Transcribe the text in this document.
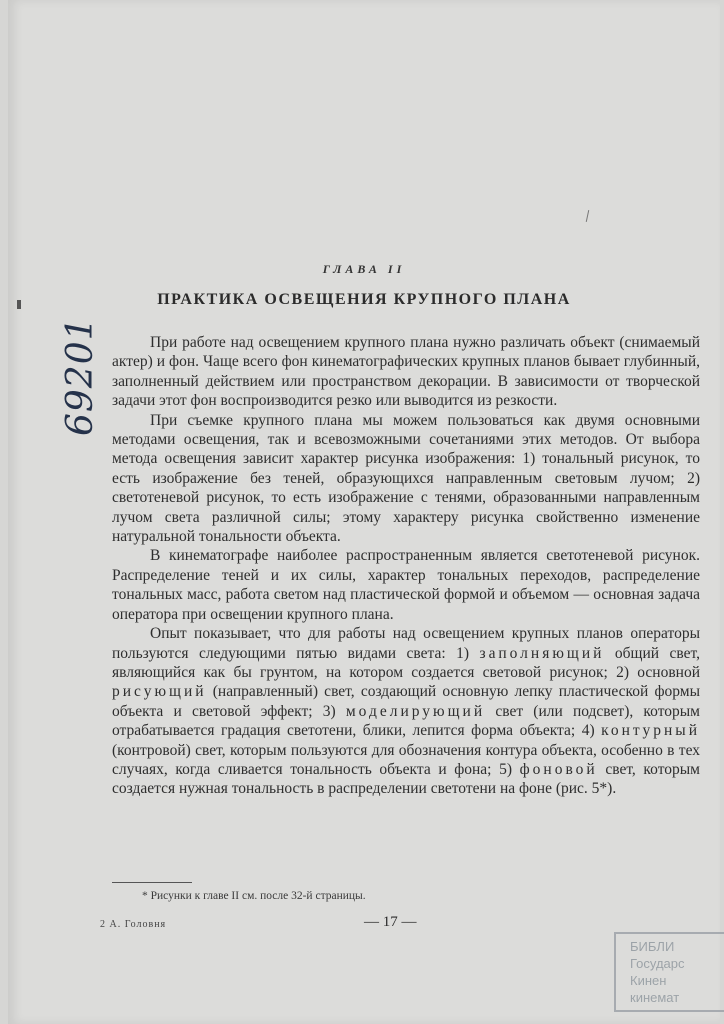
69201
ГЛАВА II
ПРАКТИКА ОСВЕЩЕНИЯ КРУПНОГО ПЛАНА

При работе над освещением крупного плана нужно различать объект (снимаемый актер) и фон. Чаще всего фон кинематографических крупных планов бывает глубинный, заполненный действием или пространством декорации. В зависимости от творческой задачи этот фон воспроизводится резко или выводится из резкости.

При съемке крупного плана мы можем пользоваться как двумя основными методами освещения, так и всевозможными сочетаниями этих методов. От выбора метода освещения зависит характер рисунка изображения: 1) тональный рисунок, то есть изображение без теней, образующихся направленным световым лучом; 2) светотеневой рисунок, то есть изображение с тенями, образованными направленным лучом света различной силы; этому характеру рисунка свойственно изменение натуральной тональности объекта.

В кинематографе наиболее распространенным является светотеневой рисунок. Распределение теней и их силы, характер тональных переходов, распределение тональных масс, работа светом над пластической формой и объемом — основная задача оператора при освещении крупного плана.

Опыт показывает, что для работы над освещением крупных планов операторы пользуются следующими пятью видами света: 1) заполняющий общий свет, являющийся как бы грунтом, на котором создается световой рисунок; 2) основной рисующий (направленный) свет, создающий основную лепку пластической формы объекта и световой эффект; 3) моделирующий свет (или подсвет), которым отрабатывается градация светотени, блики, лепится форма объекта; 4) контурный (контровой) свет, которым пользуются для обозначения контура объекта, особенно в тех случаях, когда сливается тональность объекта и фона; 5) фоновой свет, которым создается нужная тональность в распределении светотени на фоне (рис. 5*).

* Рисунки к главе II см. после 32-й страницы.
2 А. Головня	— 17 —
БИБЛИ
Государс
Кинен
кинемат
